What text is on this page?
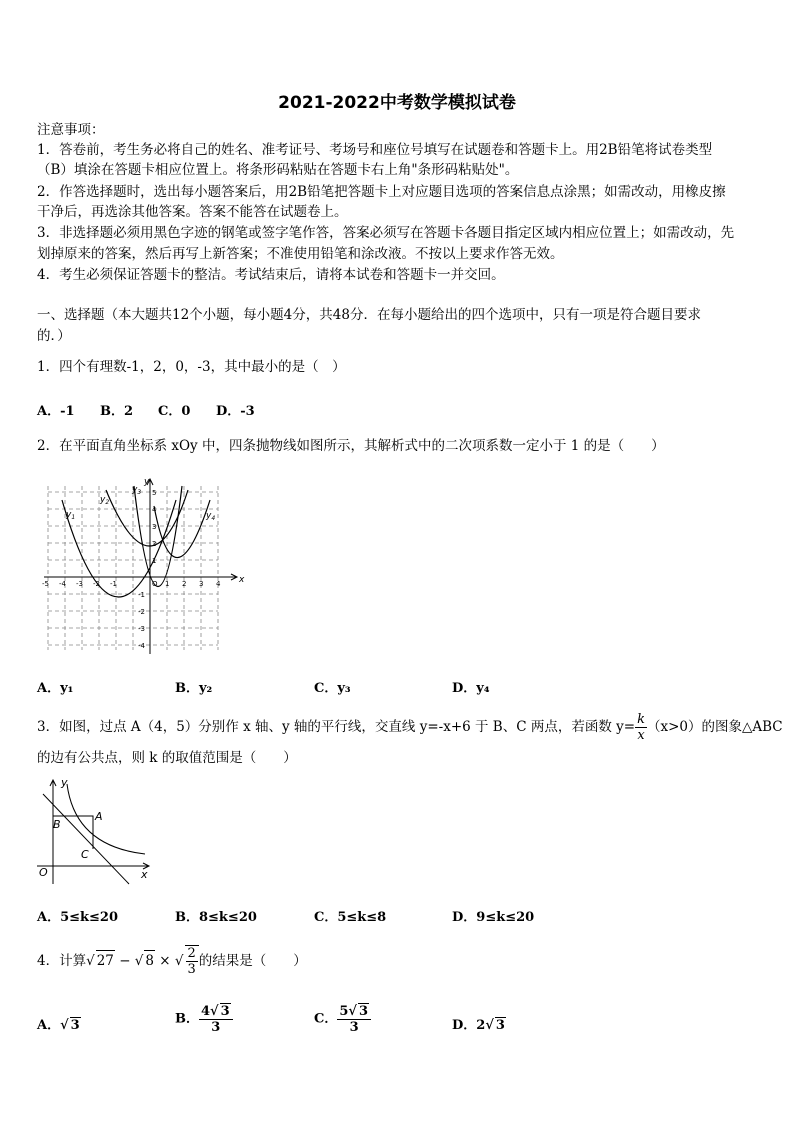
2021-2022中考数学模拟试卷
注意事项：
1．答卷前，考生务必将自己的姓名、准考证号、考场号和座位号填写在试题卷和答题卡上。用2B铅笔将试卷类型
（B）填涂在答题卡相应位置上。将条形码粘贴在答题卡右上角"条形码粘贴处"。
2．作答选择题时，选出每小题答案后，用2B铅笔把答题卡上对应题目选项的答案信息点涂黑；如需改动，用橡皮擦
干净后，再选涂其他答案。答案不能答在试题卷上。
3．非选择题必须用黑色字迹的钢笔或签字笔作答，答案必须写在答题卡各题目指定区域内相应位置上；如需改动，先
划掉原来的答案，然后再写上新答案；不准使用铅笔和涂改液。不按以上要求作答无效。
4．考生必须保证答题卡的整洁。考试结束后，请将本试卷和答题卡一并交回。
一、选择题（本大题共12个小题，每小题4分，共48分．在每小题给出的四个选项中，只有一项是符合题目要求
的．）
1．四个有理数-1，2，0，-3，其中最小的是（　）
A．-1 B．2 C．0 D．-3
2．在平面直角坐标系 xOy 中，四条抛物线如图所示，其解析式中的二次项系数一定小于 1 的是（　　）
-5 -4 -3 -2 -1	O 1 2 3 4
5
4
3
2
1
-1
-2
-3
-4
x
y
$y_1$
$y_2$
$y_3$
$y_4$
A．y₁	B．y₂	C．y₃	D．y₄
3．如图，过点 A（4，5）分别作 x 轴、y 轴的平行线，交直线 y=-x+6 于 B、C 两点，若函数 $y= \frac{k}{x} (x>0)$的图象△ABC
的边有公共点，则 k 的取值范围是（　　）
y
A
B
C
O	x
A．5≤k≤20	B．8≤k≤20	C．5≤k≤8	D．9≤k≤20
4．计算√ 27 − √ 8 × √ $\frac{2}{3}$ 的结果是（　　）
A．√ 3	B． $\frac{4√ 3}{3}$	C． $\frac{5√ 3}{3}$	D．2√ 3
